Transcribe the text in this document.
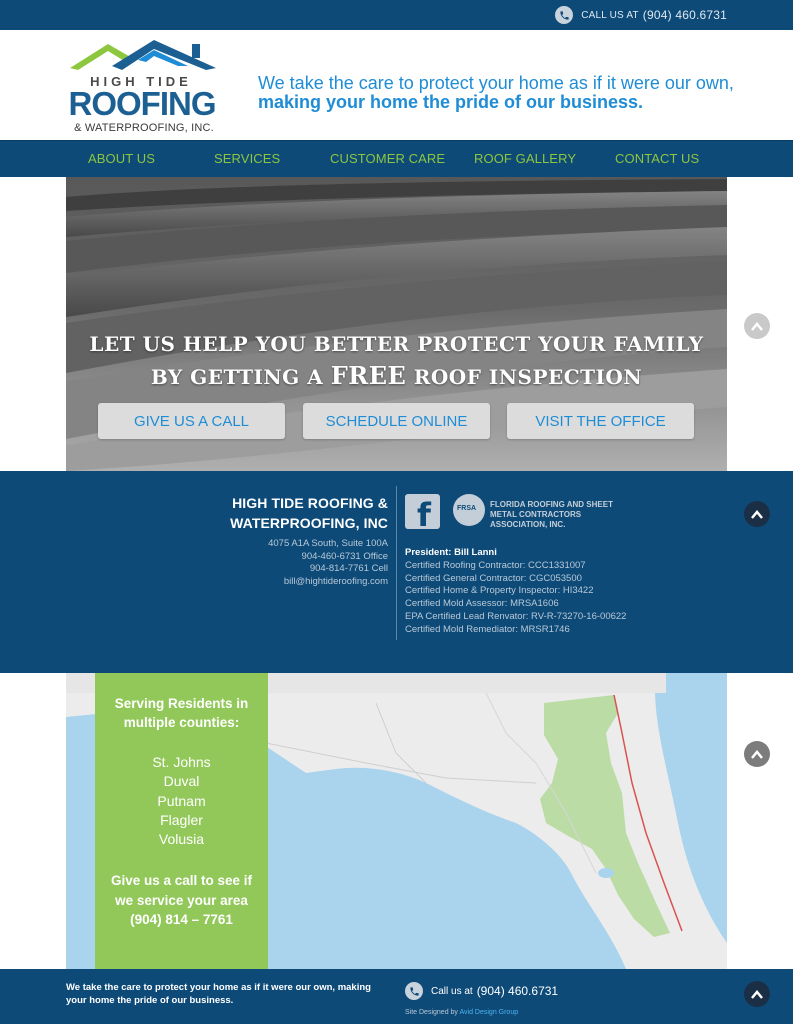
CALL US AT (904) 460.6731
HIGH TIDE
ROOFING
& WATERPROOFING, INC.
We take the care to protect your home as if it were our own, making your home the pride of our business.
ABOUT US	SERVICES	CUSTOMER CARE ROOF GALLERY	CONTACT US
LET US HELP YOU BETTER PROTECT YOUR FAMILY
BY GETTING A FREE ROOF INSPECTION
GIVE US A CALL	SCHEDULE ONLINE	VISIT THE OFFICE
HIGH TIDE ROOFING &
WATERPROOFING, INC
4075 A1A South, Suite 100A
904-460-6731 Office
904-814-7761 Cell
bill@hightideroofing.com
f	FRSA FLORIDA ROOFING AND SHEET METAL CONTRACTORS ASSOCIATION, INC.
President: Bill Lanni
Certified Roofing Contractor: CCC1331007
Certified General Contractor: CGC053500
Certified Home & Property Inspector: HI3422
Certified Mold Assessor: MRSA1606
EPA Certified Lead Renvator: RV-R-73270-16-00622
Certified Mold Remediator: MRSR1746
Serving Residents in
multiple counties:
St. Johns
Duval
Putnam
Flagler
Volusia
Give us a call to see if
we service your area
(904) 814 – 7761
We take the care to protect your home as if it were our own, making your home the pride of our business.
Call us at (904) 460.6731
Site Designed by Avid Design Group
